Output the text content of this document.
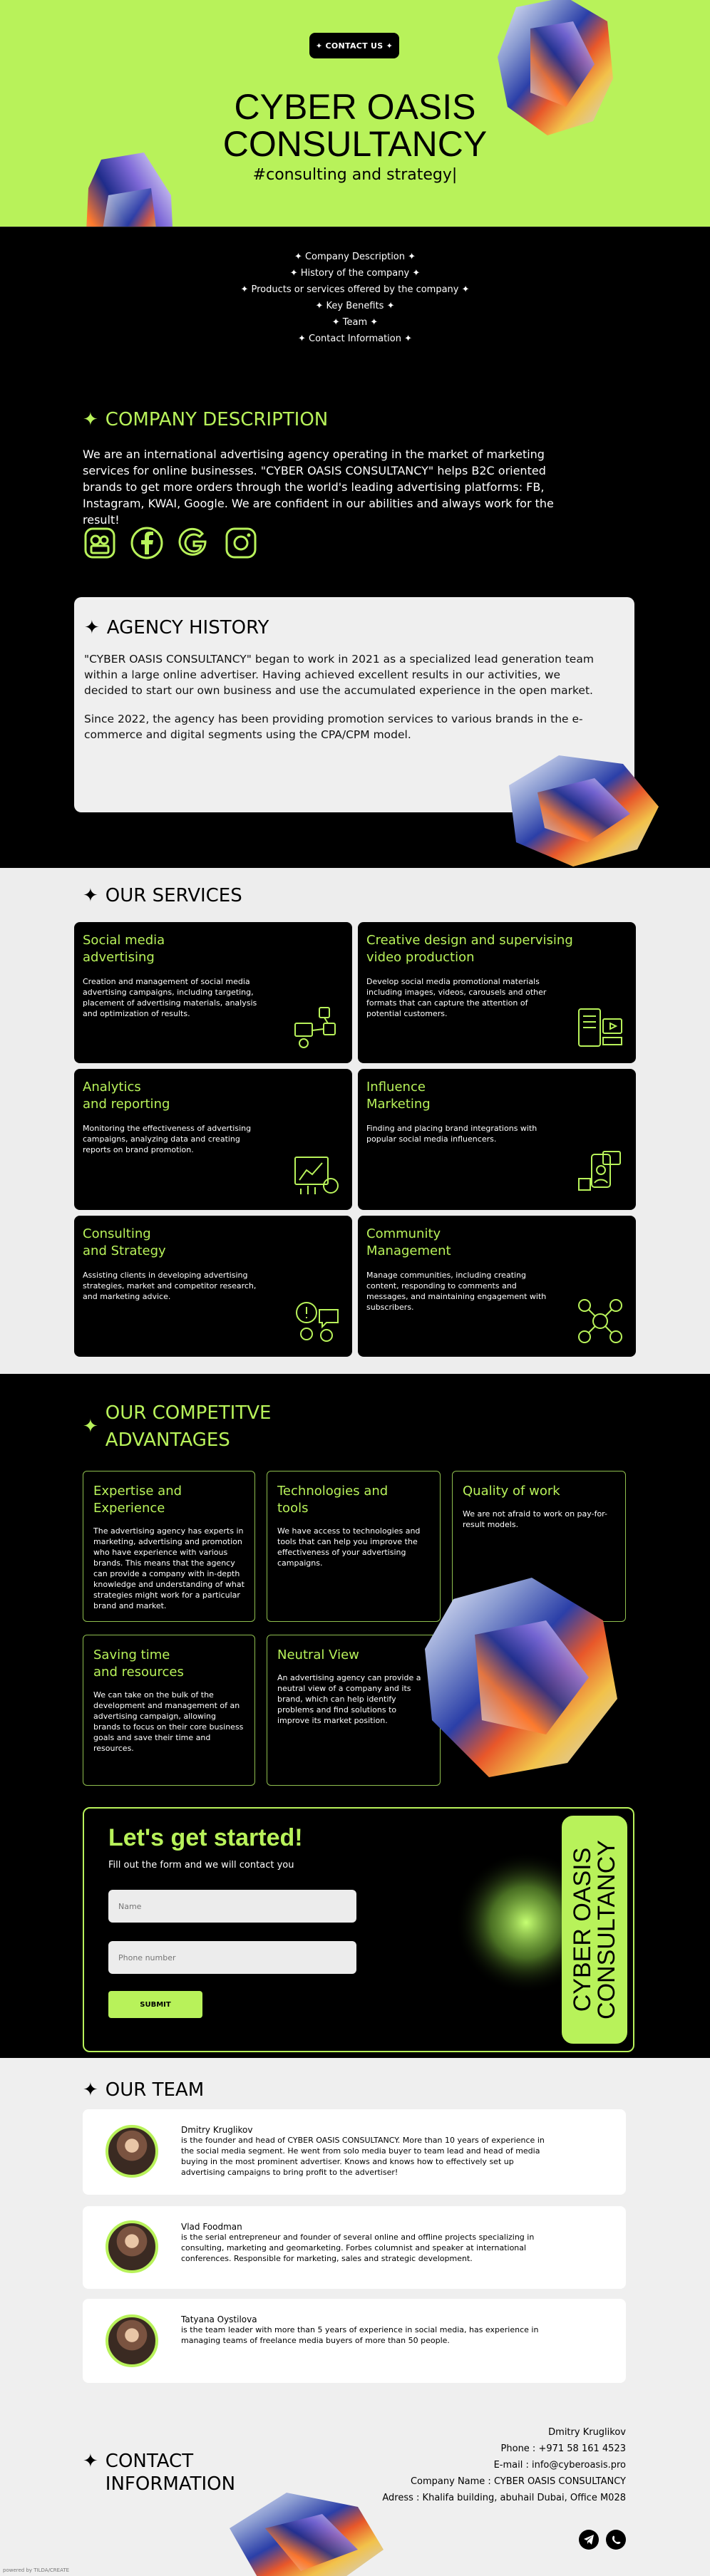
✦ CONTACT US ✦
CYBER OASIS
CONSULTANCY
#consulting and strategy|
✦ Company Description ✦
✦ History of the company ✦
✦ Products or services offered by the company ✦
✦ Key Benefits ✦
✦ Team ✦
✦ Contact Information ✦
✦ COMPANY DESCRIPTION

We are an international advertising agency operating in the market of marketing services for online businesses. "CYBER OASIS CONSULTANCY" helps B2C oriented brands to get more orders through the world's leading advertising platforms: FB, Instagram, KWAI, Google. We are confident in our abilities and always work for the result!

✦ AGENCY HISTORY

"CYBER OASIS CONSULTANCY" began to work in 2021 as a specialized lead generation team within a large online advertiser. Having achieved excellent results in our activities, we decided to start our own business and use the accumulated experience in the open market.

Since 2022, the agency has been providing promotion services to various brands in the e-commerce and digital segments using the CPA/CPM model.

✦ OUR SERVICES
Social media
advertising

Creation and management of social media advertising campaigns, including targeting, placement of advertising materials, analysis and optimization of results.

Creative design and supervising
video production

Develop social media promotional materials including images, videos, carousels and other formats that can capture the attention of potential customers.

Analytics
and reporting

Monitoring the effectiveness of advertising campaigns, analyzing data and creating reports on brand promotion.

Influence
Marketing

Finding and placing brand integrations with popular social media influencers.

Consulting
and Strategy

Assisting clients in developing advertising strategies, market and competitor research, and marketing advice.

Community
Management

Manage communities, including creating content, responding to comments and messages, and maintaining engagement with subscribers.

✦
OUR COMPETITVE
ADVANTAGES
Expertise and
Experience

The advertising agency has experts in marketing, advertising and promotion who have experience with various brands. This means that the agency can provide a company with in-depth knowledge and understanding of what strategies might work for a particular brand and market.

Technologies and
tools

We have access to technologies and tools that can help you improve the effectiveness of your advertising campaigns.

Quality of work

We are not afraid to work on pay-for-result models.

Saving time
and resources

We can take on the bulk of the development and management of an advertising campaign, allowing brands to focus on their core business goals and save their time and resources.

Neutral View

An advertising agency can provide a neutral view of a company and its brand, which can help identify problems and find solutions to improve its market position.

Let's get started!
Fill out the form and we will contact you
Name
Phone number
SUBMIT	CYBER OASIS
CONSULTANCY
✦ OUR TEAM
Dmitry Kruglikov
is the founder and head of CYBER OASIS CONSULTANCY. More than 10 years of experience in the social media segment. He went from solo media buyer to team lead and head of media buying in the most prominent advertiser. Knows and knows how to effectively set up advertising campaigns to bring profit to the advertiser!
Vlad Foodman
is the serial entrepreneur and founder of several online and offline projects specializing in consulting, marketing and geomarketing. Forbes columnist and speaker at international conferences. Responsible for marketing, sales and strategic development.
Tatyana Oystilova
is the team leader with more than 5 years of experience in social media, has experience in managing teams of freelance media buyers of more than 50 people.
✦ CONTACT
INFORMATION
Dmitry Kruglikov
Phone : +971 58 161 4523
E-mail : info@cyberoasis.pro
Company Name : CYBER OASIS CONSULTANCY
Adress : Khalifa building, abuhail Dubai, Office M028
powered by TILDA/CREATE
